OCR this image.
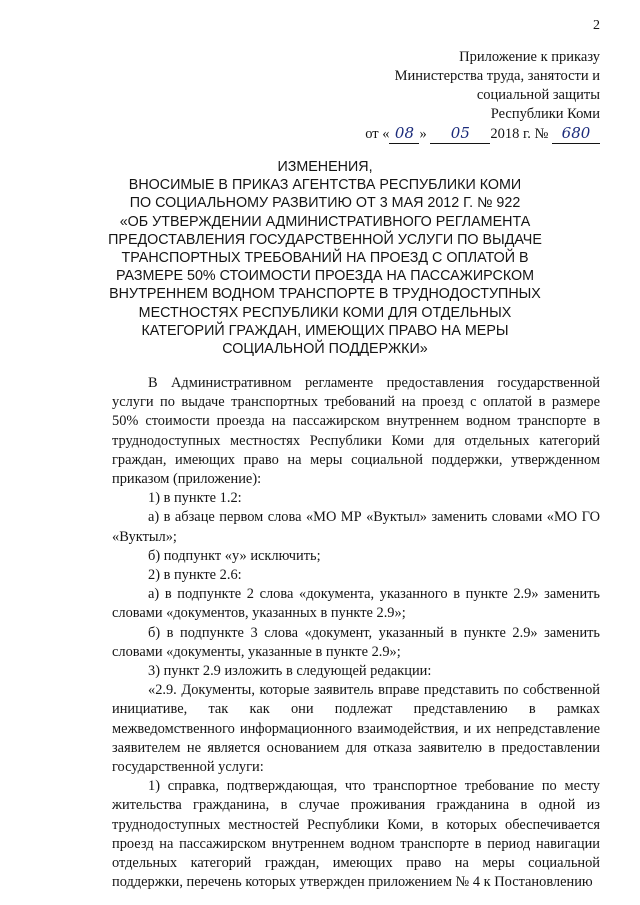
2
Приложение к приказу
Министерства труда, занятости и
социальной защиты
Республики Коми
от « 08 » 05 2018 г. № 680
ИЗМЕНЕНИЯ,
ВНОСИМЫЕ В ПРИКАЗ АГЕНТСТВА РЕСПУБЛИКИ КОМИ
ПО СОЦИАЛЬНОМУ РАЗВИТИЮ ОТ 3 МАЯ 2012 Г. № 922
«ОБ УТВЕРЖДЕНИИ АДМИНИСТРАТИВНОГО РЕГЛАМЕНТА
ПРЕДОСТАВЛЕНИЯ ГОСУДАРСТВЕННОЙ УСЛУГИ ПО ВЫДАЧЕ
ТРАНСПОРТНЫХ ТРЕБОВАНИЙ НА ПРОЕЗД С ОПЛАТОЙ В
РАЗМЕРЕ 50% СТОИМОСТИ ПРОЕЗДА НА ПАССАЖИРСКОМ
ВНУТРЕННЕМ ВОДНОМ ТРАНСПОРТЕ В ТРУДНОДОСТУПНЫХ
МЕСТНОСТЯХ РЕСПУБЛИКИ КОМИ ДЛЯ ОТДЕЛЬНЫХ
КАТЕГОРИЙ ГРАЖДАН, ИМЕЮЩИХ ПРАВО НА МЕРЫ
СОЦИАЛЬНОЙ ПОДДЕРЖКИ»

В Административном регламенте предоставления государственной услуги по выдаче транспортных требований на проезд с оплатой в размере 50% стоимости проезда на пассажирском внутреннем водном транспорте в труднодоступных местностях Республики Коми для отдельных категорий граждан, имеющих право на меры социальной поддержки, утвержденном приказом (приложение):

1) в пункте 1.2:

а) в абзаце первом слова «МО МР «Вуктыл» заменить словами «МО ГО «Вуктыл»;

б) подпункт «у» исключить;

2) в пункте 2.6:

а) в подпункте 2 слова «документа, указанного в пункте 2.9» заменить словами «документов, указанных в пункте 2.9»;

б) в подпункте 3 слова «документ, указанный в пункте 2.9» заменить словами «документы, указанные в пункте 2.9»;

3) пункт 2.9 изложить в следующей редакции:

«2.9. Документы, которые заявитель вправе представить по собственной инициативе, так как они подлежат представлению в рамках межведомственного информационного взаимодействия, и их непредставление заявителем не является основанием для отказа заявителю в предоставлении государственной услуги:

1) справка, подтверждающая, что транспортное требование по месту жительства гражданина, в случае проживания гражданина в одной из труднодоступных местностей Республики Коми, в которых обеспечивается проезд на пассажирском внутреннем водном транспорте в период навигации отдельных категорий граждан, имеющих право на меры социальной поддержки, перечень которых утвержден приложением № 4 к Постановлению
